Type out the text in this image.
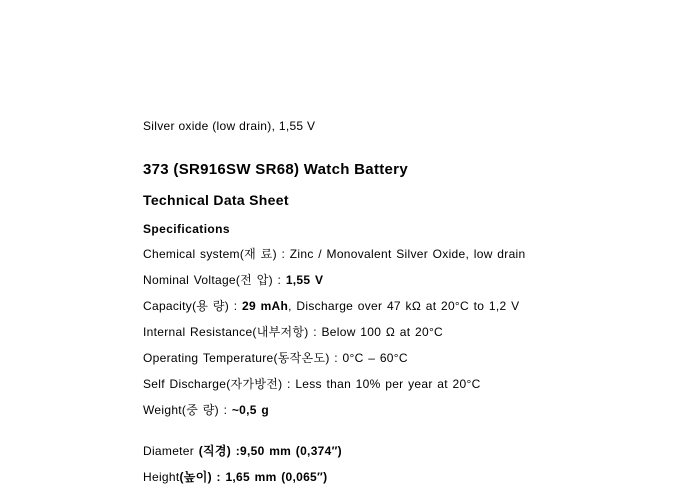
Silver oxide (low drain), 1,55 V

373 (SR916SW SR68) Watch Battery
Technical Data Sheet
Specifications

Chemical system(재 료) : Zinc / Monovalent Silver Oxide, low drain

Nominal Voltage(전 압) : 1,55 V

Capacity(용 량) : 29 mAh, Discharge over 47 kΩ at 20°C to 1,2 V

Internal Resistance(내부저항) : Below 100 Ω at 20°C

Operating Temperature(동작온도) : 0°C – 60°C

Self Discharge(자가방전) : Less than 10% per year at 20°C

Weight(중 량) : ~0,5 g

Diameter (직경) :9,50 mm (0,374″)

Height(높이) : 1,65 mm (0,065″)
